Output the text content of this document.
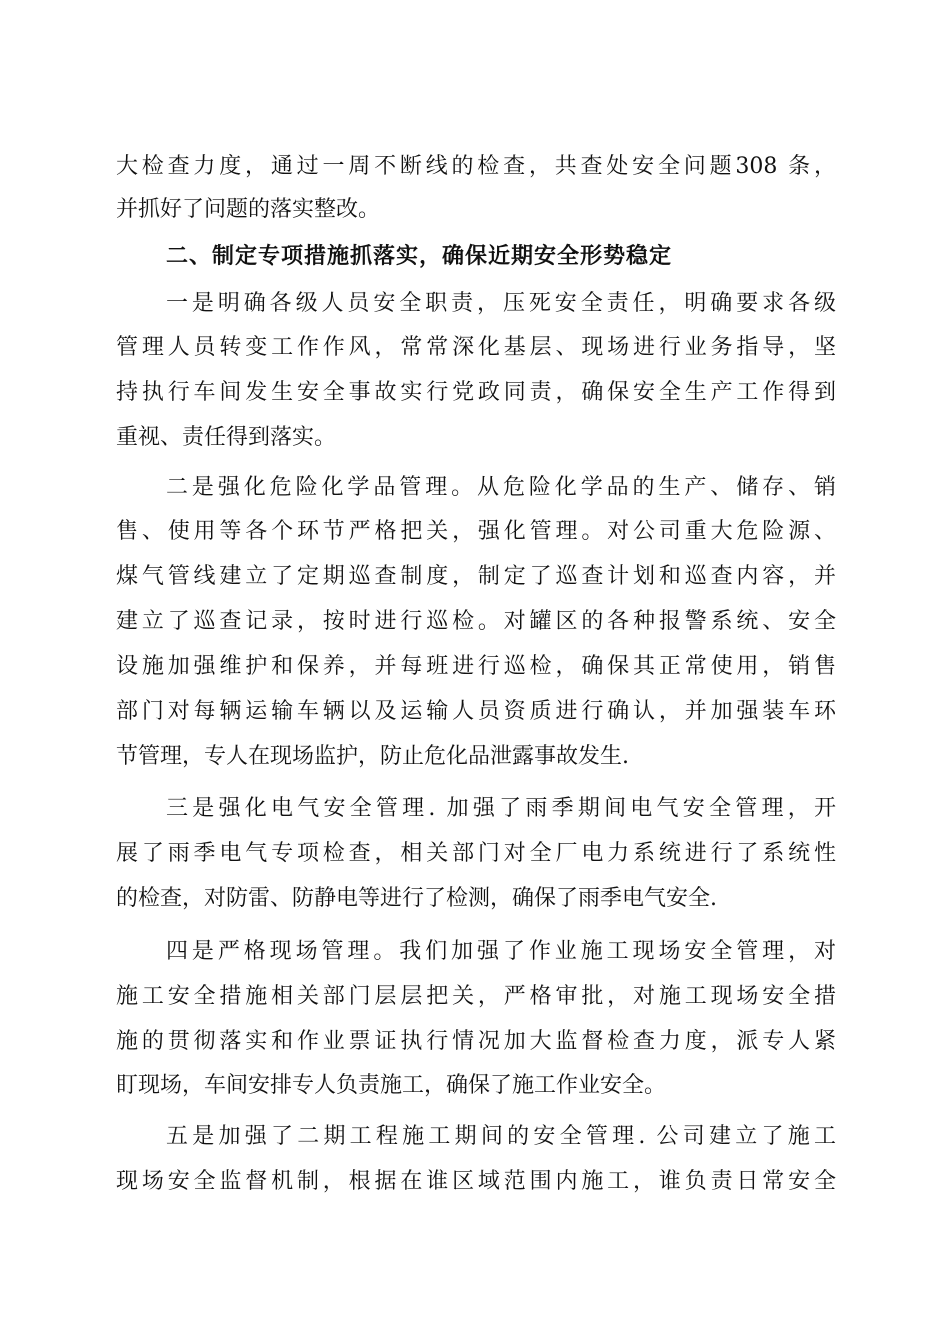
大检查力度，通过一周不断线的检查，共查处安全问题308 条，
并抓好了问题的落实整改。
二、制定专项措施抓落实，确保近期安全形势稳定
一是明确各级人员安全职责，压死安全责任，明确要求各级
管理人员转变工作作风，常常深化基层、现场进行业务指导，坚
持执行车间发生安全事故实行党政同责，确保安全生产工作得到
重视、责任得到落实。
二是强化危险化学品管理。从危险化学品的生产、储存、销
售、使用等各个环节严格把关，强化管理。对公司重大危险源、
煤气管线建立了定期巡查制度，制定了巡查计划和巡查内容，并
建立了巡查记录，按时进行巡检。对罐区的各种报警系统、安全
设施加强维护和保养，并每班进行巡检，确保其正常使用，销售
部门对每辆运输车辆以及运输人员资质进行确认，并加强装车环
节管理，专人在现场监护，防止危化品泄露事故发生.
三是强化电气安全管理. 加强了雨季期间电气安全管理，开
展了雨季电气专项检查，相关部门对全厂电力系统进行了系统性
的检查，对防雷、防静电等进行了检测，确保了雨季电气安全.
四是严格现场管理。我们加强了作业施工现场安全管理，对
施工安全措施相关部门层层把关，严格审批，对施工现场安全措
施的贯彻落实和作业票证执行情况加大监督检查力度，派专人紧
盯现场，车间安排专人负责施工，确保了施工作业安全。
五是加强了二期工程施工期间的安全管理. 公司建立了施工
现场安全监督机制，根据在谁区域范围内施工，谁负责日常安全
